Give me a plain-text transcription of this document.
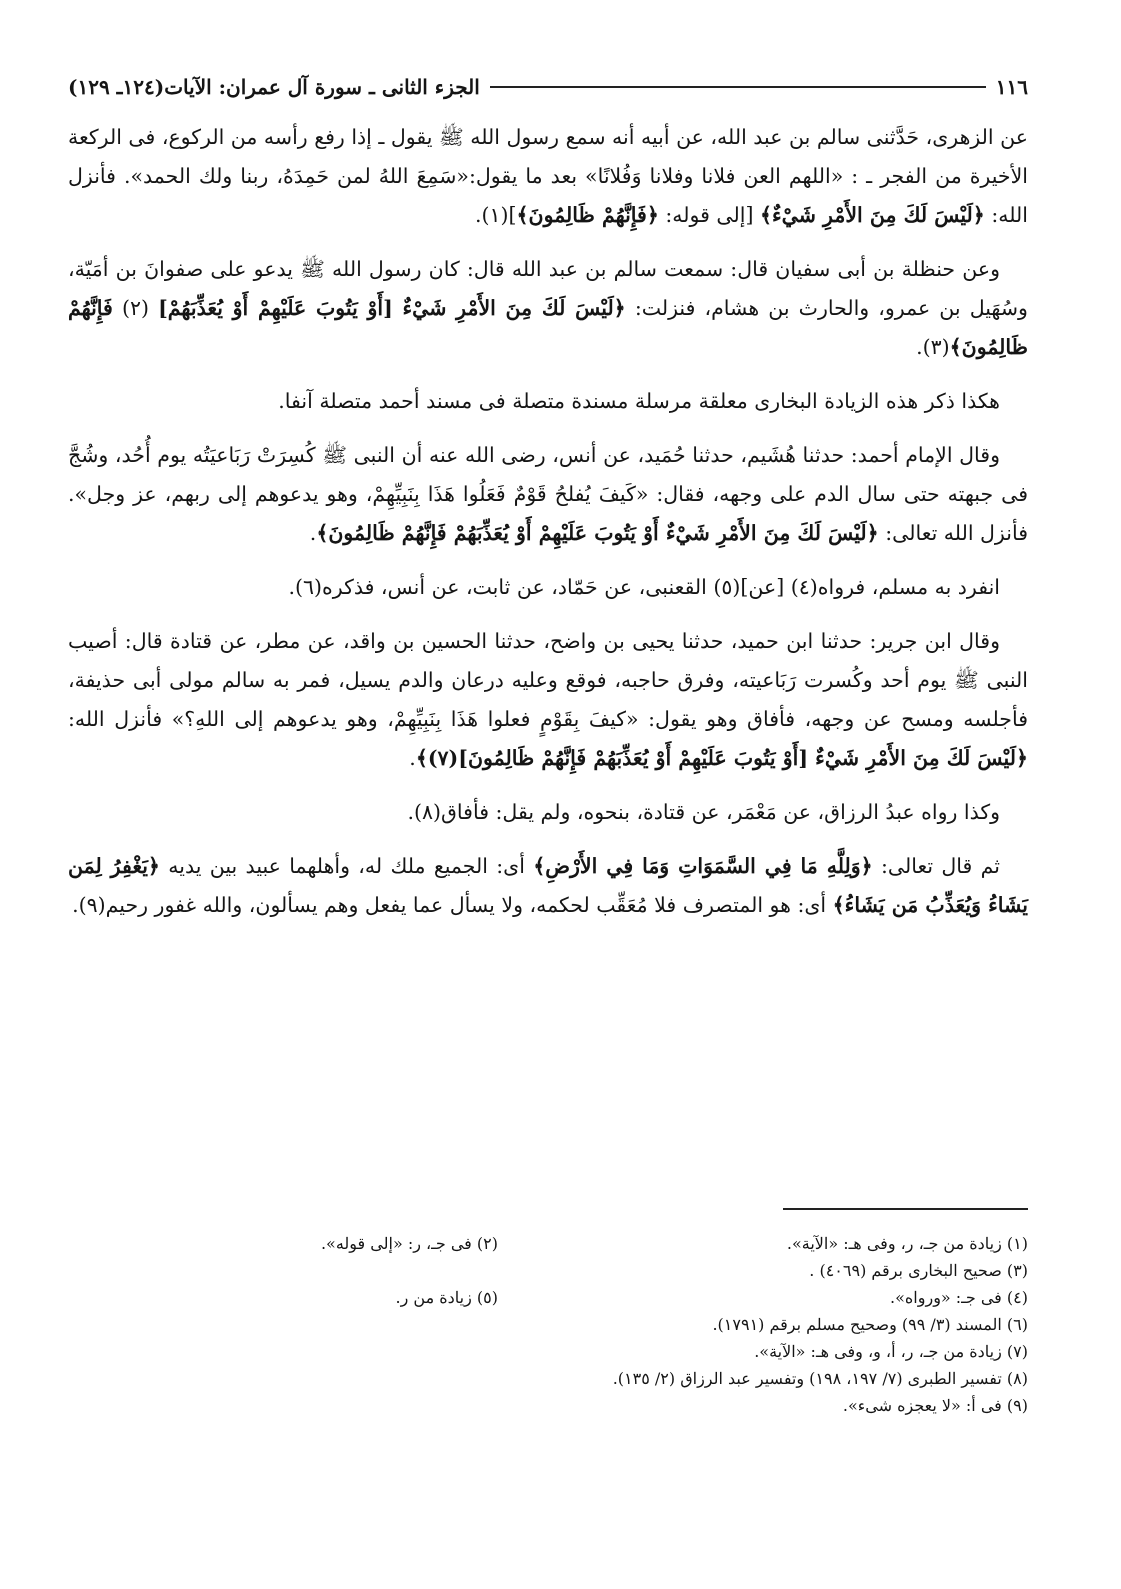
١١٦
الجزء الثانى ـ سورة آل عمران: الآيات(١٢٤ـ ١٢٩)

عن الزهرى، حَدَّثنى سالم بن عبد الله، عن أبيه أنه سمع رسول الله ﷺ يقول ـ إذا رفع رأسه من الركوع، فى الركعة الأخيرة من الفجر ـ : «اللهم العن فلانا وفلانا وَفُلانًا» بعد ما يقول:«سَمِعَ اللهُ لمن حَمِدَهُ، ربنا ولك الحمد». فأنزل الله: ﴿لَيْسَ لَكَ مِنَ الأَمْرِ شَيْءٌ﴾ [إلى قوله: ﴿فَإِنَّهُمْ ظَالِمُونَ﴾](١).

وعن حنظلة بن أبى سفيان قال: سمعت سالم بن عبد الله قال: كان رسول الله ﷺ يدعو على صفوانَ بن أمَيّة، وسُهَيل بن عمرو، والحارث بن هشام، فنزلت: ﴿لَيْسَ لَكَ مِنَ الأَمْرِ شَيْءٌ [أَوْ يَتُوبَ عَلَيْهِمْ أَوْ يُعَذِّبَهُمْ] (٢) فَإِنَّهُمْ ظَالِمُونَ﴾(٣).

هكذا ذكر هذه الزيادة البخارى معلقة مرسلة مسندة متصلة فى مسند أحمد متصلة آنفا.

وقال الإمام أحمد: حدثنا هُشَيم، حدثنا حُمَيد، عن أنس، رضى الله عنه أن النبى ﷺ كُسِرَتْ رَبَاعيَتُه يوم أُحُد، وشُجَّ فى جبهته حتى سال الدم على وجهه، فقال: «كَيفَ يُفلحُ قَوْمٌ فَعَلُوا هَذَا بِنَبِيِّهِمْ، وهو يدعوهم إلى ربهم، عز وجل». فأنزل الله تعالى: ﴿لَيْسَ لَكَ مِنَ الأَمْرِ شَيْءٌ أَوْ يَتُوبَ عَلَيْهِمْ أَوْ يُعَذِّبَهُمْ فَإِنَّهُمْ ظَالِمُونَ﴾.

انفرد به مسلم، فرواه(٤) [عن](٥) القعنبى، عن حَمّاد، عن ثابت، عن أنس، فذكره(٦).

وقال ابن جرير: حدثنا ابن حميد، حدثنا يحيى بن واضح، حدثنا الحسين بن واقد، عن مطر، عن قتادة قال: أصيب النبى ﷺ يوم أحد وكُسرت رَبَاعيته، وفرق حاجبه، فوقع وعليه درعان والدم يسيل، فمر به سالم مولى أبى حذيفة، فأجلسه ومسح عن وجهه، فأفاق وهو يقول: «كيفَ بِقَوْمٍ فعلوا هَذَا بِنَبِيِّهِمْ، وهو يدعوهم إلى اللهِ؟» فأنزل الله: ﴿لَيْسَ لَكَ مِنَ الأَمْرِ شَيْءٌ [أَوْ يَتُوبَ عَلَيْهِمْ أَوْ يُعَذِّبَهُمْ فَإِنَّهُمْ ظَالِمُونَ](٧)﴾.

وكذا رواه عبدُ الرزاق، عن مَعْمَر، عن قتادة، بنحوه، ولم يقل: فأفاق(٨).

ثم قال تعالى: ﴿وَلِلَّهِ مَا فِي السَّمَوَاتِ وَمَا فِي الأَرْضِ﴾ أى: الجميع ملك له، وأهلهما عبيد بين يديه ﴿يَغْفِرُ لِمَن يَشَاءُ وَيُعَذِّبُ مَن يَشَاءُ﴾ أى: هو المتصرف فلا مُعَقِّب لحكمه، ولا يسأل عما يفعل وهم يسألون، والله غفور رحيم(٩).

(١) زيادة من جـ، ر، وفى هـ: «الآية».
(٢) فى جـ، ر: «إلى قوله».
(٣) صحيح البخارى برقم (٤٠٦٩) .
(٤) فى جـ: «ورواه».
(٥) زيادة من ر.
(٦) المسند (٣/ ٩٩) وصحيح مسلم برقم (١٧٩١).
(٧) زيادة من جـ، ر، أ، و، وفى هـ: «الآية».
(٨) تفسير الطبرى (٧/ ١٩٧، ١٩٨) وتفسير عبد الرزاق (٢/ ١٣٥).
(٩) فى أ: «لا يعجزه شىء».
